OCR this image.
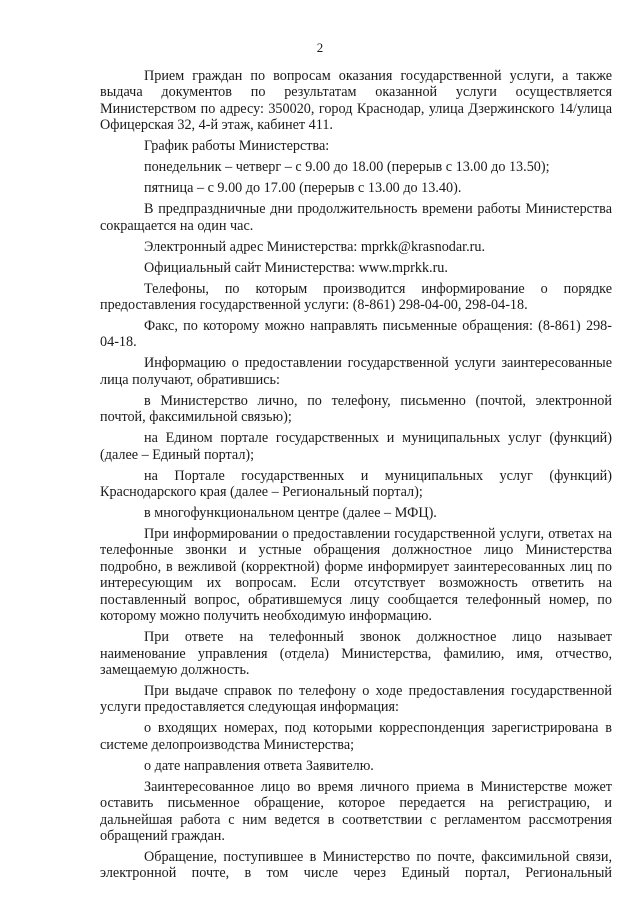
2

Прием граждан по вопросам оказания государственной услуги, а также выдача документов по результатам оказанной услуги осуществляется Министерством по адресу: 350020, город Краснодар, улица Дзержинского 14/улица Офицерская 32, 4-й этаж, кабинет 411.

График работы Министерства:

понедельник – четверг – с 9.00 до 18.00 (перерыв с 13.00 до 13.50);

пятница – с 9.00 до 17.00 (перерыв с 13.00 до 13.40).

В предпраздничные дни продолжительность времени работы Министерства сокращается на один час.

Электронный адрес Министерства: mprkk@krasnodar.ru.

Официальный сайт Министерства: www.mprkk.ru.

Телефоны, по которым производится информирование о порядке предоставления государственной услуги: (8-861) 298-04-00, 298-04-18.

Факс, по которому можно направлять письменные обращения: (8-861) 298-04-18.

Информацию о предоставлении государственной услуги заинтересованные лица получают, обратившись:

в Министерство лично, по телефону, письменно (почтой, электронной почтой, факсимильной связью);

на Едином портале государственных и муниципальных услуг (функций) (далее – Единый портал);

на Портале государственных и муниципальных услуг (функций) Краснодарского края (далее – Региональный портал);

в многофункциональном центре (далее – МФЦ).

При информировании о предоставлении государственной услуги, ответах на телефонные звонки и устные обращения должностное лицо Министерства подробно, в вежливой (корректной) форме информирует заинтересованных лиц по интересующим их вопросам. Если отсутствует возможность ответить на поставленный вопрос, обратившемуся лицу сообщается телефонный номер, по которому можно получить необходимую информацию.

При ответе на телефонный звонок должностное лицо называет наименование управления (отдела) Министерства, фамилию, имя, отчество, замещаемую должность.

При выдаче справок по телефону о ходе предоставления государственной услуги предоставляется следующая информация:

о входящих номерах, под которыми корреспонденция зарегистрирована в системе делопроизводства Министерства;

о дате направления ответа Заявителю.

Заинтересованное лицо во время личного приема в Министерстве может оставить письменное обращение, которое передается на регистрацию, и дальнейшая работа с ним ведется в соответствии с регламентом рассмотрения обращений граждан.

Обращение, поступившее в Министерство по почте, факсимильной связи, электронной почте, в том числе через Единый портал, Региональный
